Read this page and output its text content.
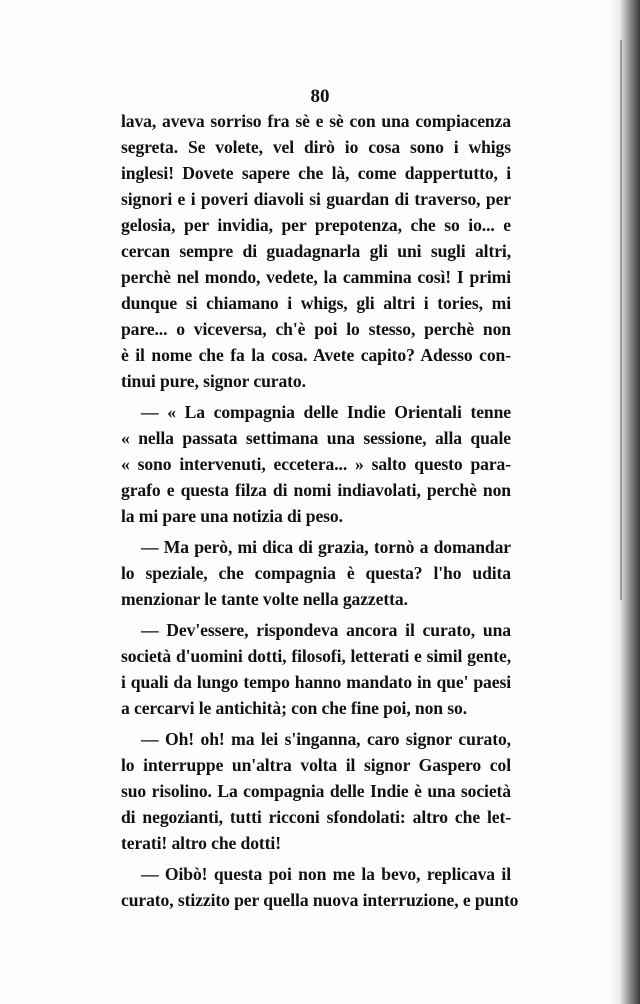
80
lava, aveva sorriso fra sè e sè con una compiacenza
segreta. Se volete, vel dirò io cosa sono i whigs
inglesi! Dovete sapere che là, come dappertutto, i
signori e i poveri diavoli si guardan di traverso, per
gelosia, per invidia, per prepotenza, che so io... e
cercan sempre di guadagnarla gli uni sugli altri,
perchè nel mondo, vedete, la cammina così! I primi
dunque si chiamano i whigs, gli altri i tories, mi
pare... o viceversa, ch'è poi lo stesso, perchè non
è il nome che fa la cosa. Avete capito? Adesso con-
tinui pure, signor curato.
— « La compagnia delle Indie Orientali tenne
« nella passata settimana una sessione, alla quale
« sono intervenuti, eccetera... » salto questo para-
grafo e questa filza di nomi indiavolati, perchè non
la mi pare una notizia di peso.
— Ma però, mi dica di grazia, tornò a domandar
lo speziale, che compagnia è questa? l'ho udita
menzionar le tante volte nella gazzetta.
— Dev'essere, rispondeva ancora il curato, una
società d'uomini dotti, filosofi, letterati e simil gente,
i quali da lungo tempo hanno mandato in que' paesi
a cercarvi le antichità; con che fine poi, non so.
— Oh! oh! ma lei s'inganna, caro signor curato,
lo interruppe un'altra volta il signor Gaspero col
suo risolino. La compagnia delle Indie è una società
di negozianti, tutti ricconi sfondolati: altro che let-
terati! altro che dotti!
— Oibò! questa poi non me la bevo, replicava il
curato, stizzito per quella nuova interruzione, e punto
